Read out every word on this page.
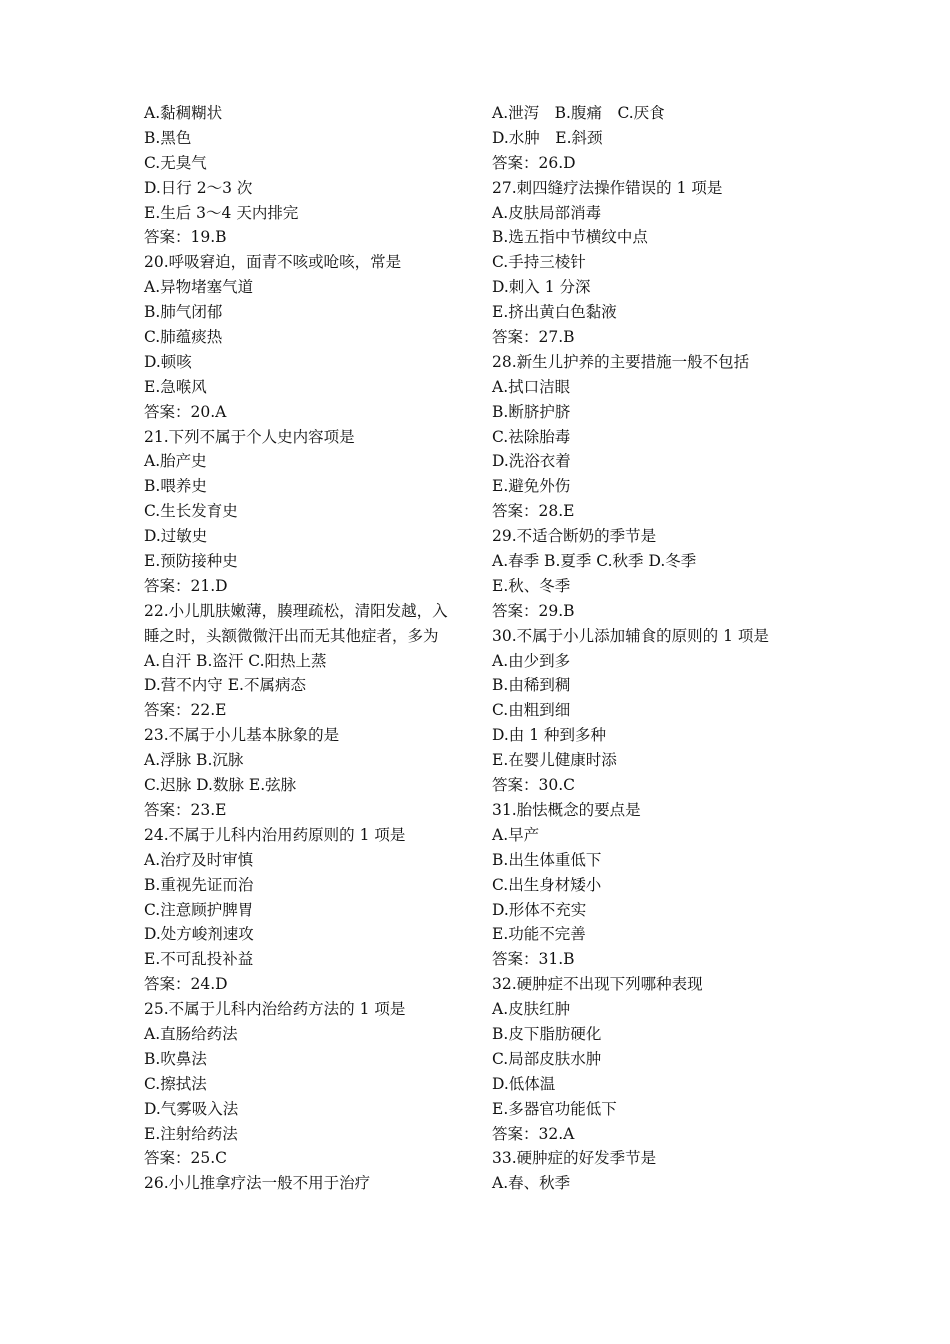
A.黏稠糊状
B.黑色
C.无臭气
D.日行 2～3 次
E.生后 3～4 天内排完
答案：19.B
20.呼吸窘迫，面青不咳或呛咳，常是
A.异物堵塞气道
B.肺气闭郁
C.肺蕴痰热
D.顿咳
E.急喉风
答案：20.A
21.下列不属于个人史内容项是
A.胎产史
B.喂养史
C.生长发育史
D.过敏史
E.预防接种史
答案：21.D
22.小儿肌肤嫩薄，腠理疏松，清阳发越，入
睡之时，头额微微汗出而无其他症者，多为
A.自汗 B.盗汗 C.阳热上蒸
D.营不内守 E.不属病态
答案：22.E
23.不属于小儿基本脉象的是
A.浮脉 B.沉脉
C.迟脉 D.数脉 E.弦脉
答案：23.E
24.不属于儿科内治用药原则的 1 项是
A.治疗及时审慎
B.重视先证而治
C.注意顾护脾胃
D.处方峻剂速攻
E.不可乱投补益
答案：24.D
25.不属于儿科内治给药方法的 1 项是
A.直肠给药法
B.吹鼻法
C.擦拭法
D.气雾吸入法
E.注射给药法
答案：25.C
26.小儿推拿疗法一般不用于治疗
A.泄泻　B.腹痛　C.厌食
D.水肿　E.斜颈
答案：26.D
27.刺四缝疗法操作错误的 1 项是
A.皮肤局部消毒
B.选五指中节横纹中点
C.手持三棱针
D.刺入 1 分深
E.挤出黄白色黏液
答案：27.B
28.新生儿护养的主要措施一般不包括
A.拭口洁眼
B.断脐护脐
C.祛除胎毒
D.洗浴衣着
E.避免外伤
答案：28.E
29.不适合断奶的季节是
A.春季 B.夏季 C.秋季 D.冬季
E.秋、冬季
答案：29.B
30.不属于小儿添加辅食的原则的 1 项是
A.由少到多
B.由稀到稠
C.由粗到细
D.由 1 种到多种
E.在婴儿健康时添
答案：30.C
31.胎怯概念的要点是
A.早产
B.出生体重低下
C.出生身材矮小
D.形体不充实
E.功能不完善
答案：31.B
32.硬肿症不出现下列哪种表现
A.皮肤红肿
B.皮下脂肪硬化
C.局部皮肤水肿
D.低体温
E.多器官功能低下
答案：32.A
33.硬肿症的好发季节是
A.春、秋季
